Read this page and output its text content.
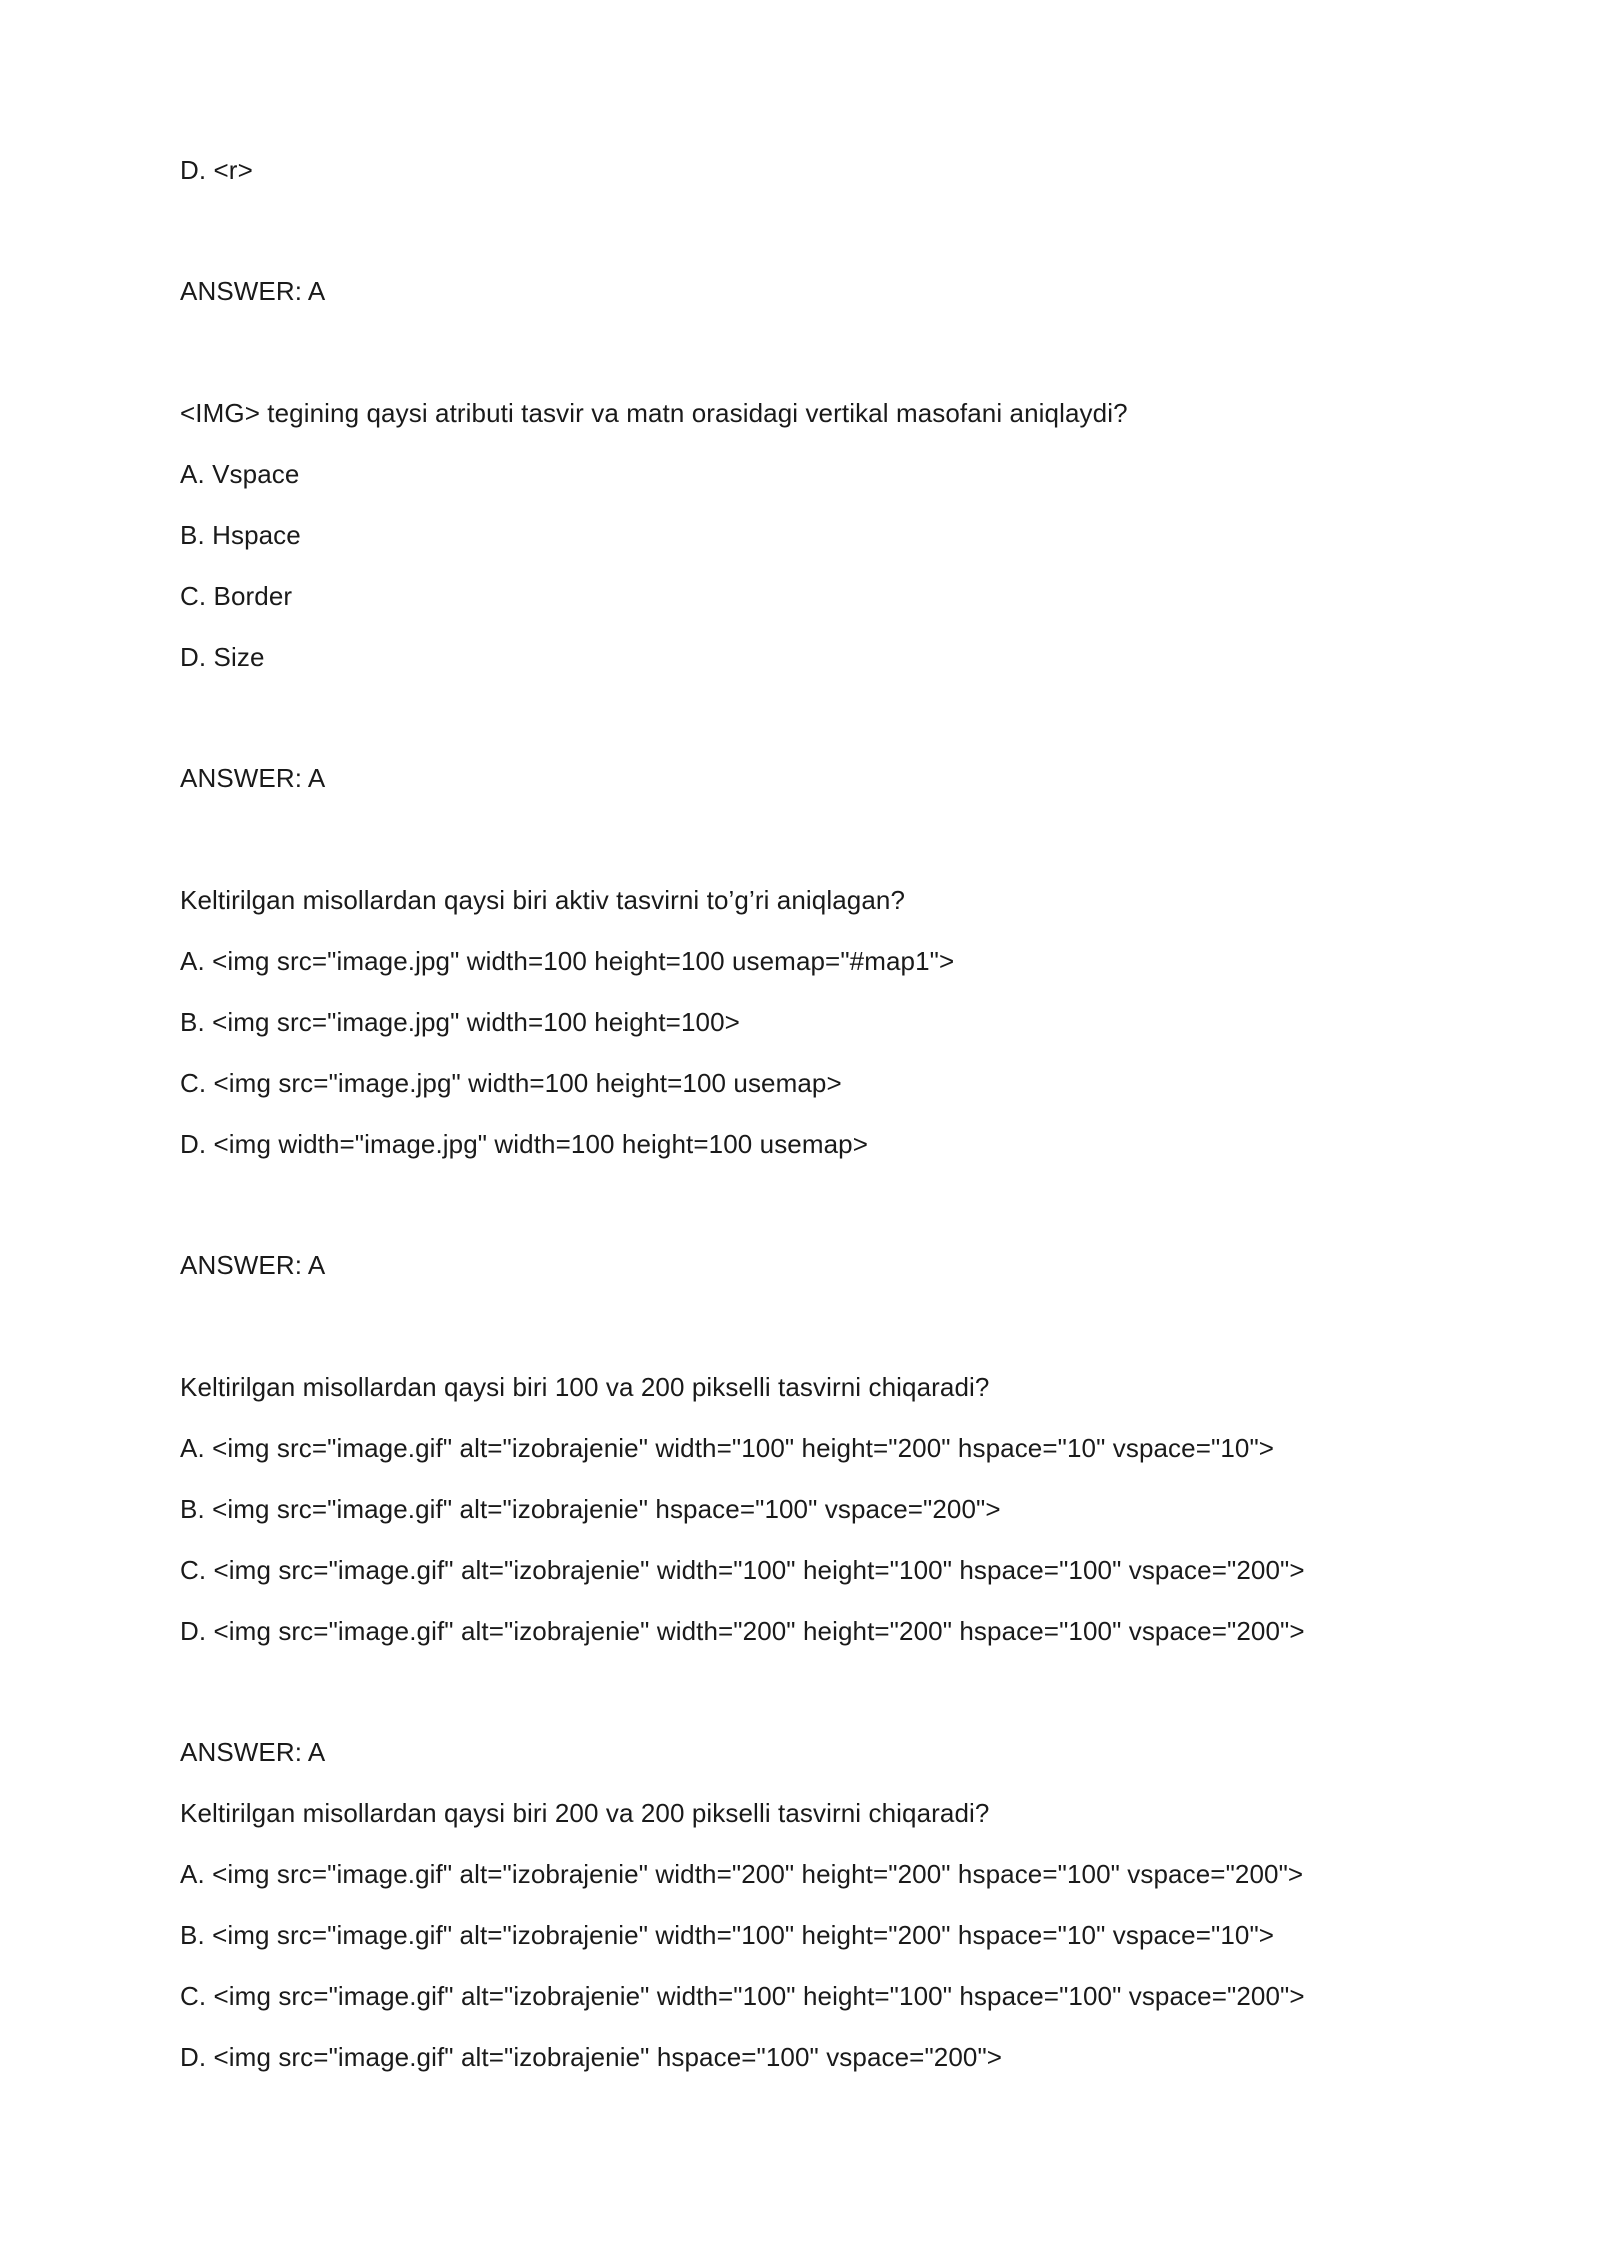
D. <r>
ANSWER: A
<IMG> tegining qaysi atributi tasvir va matn orasidagi vertikal masofani aniqlaydi?
A. Vspace
B. Hspace
C. Border
D. Size
ANSWER: A
Keltirilgan misollardan qaysi biri aktiv tasvirni to’g’ri aniqlagan?
A. <img src="image.jpg" width=100 height=100 usemap="#map1">
B. <img src="image.jpg" width=100 height=100>
C. <img src="image.jpg" width=100 height=100 usemap>
D. <img width="image.jpg" width=100 height=100 usemap>
ANSWER: A
Keltirilgan misollardan qaysi biri 100 va 200 pikselli tasvirni chiqaradi?
A. <img src="image.gif" alt="izobrajenie" width="100" height="200" hspace="10" vspace="10">
B. <img src="image.gif" alt="izobrajenie" hspace="100" vspace="200">
C. <img src="image.gif" alt="izobrajenie" width="100" height="100" hspace="100" vspace="200">
D. <img src="image.gif" alt="izobrajenie" width="200" height="200" hspace="100" vspace="200">
ANSWER: A
Keltirilgan misollardan qaysi biri 200 va 200 pikselli tasvirni chiqaradi?
A. <img src="image.gif" alt="izobrajenie" width="200" height="200" hspace="100" vspace="200">
B. <img src="image.gif" alt="izobrajenie" width="100" height="200" hspace="10" vspace="10">
C. <img src="image.gif" alt="izobrajenie" width="100" height="100" hspace="100" vspace="200">
D. <img src="image.gif" alt="izobrajenie" hspace="100" vspace="200">
